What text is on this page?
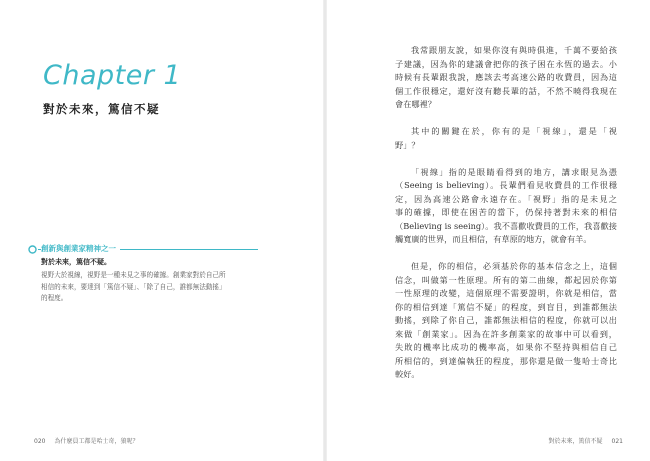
Chapter 1
對於未來，篤信不疑
創新與創業家精神之一
對於未來，篤信不疑。
視野大於視線，視野是一種未見之事的確據。創業家對於自己所
相信的未來，要達到「篤信不疑」、「除了自己，誰都無法動搖」
的程度。
020 為什麼員工都是哈士奇，狼呢？
我常跟朋友說，如果你沒有與時俱進，千萬不要給孩
子建議，因為你的建議會把你的孩子困在永恆的過去。小
時候有長輩跟我說，應該去考高速公路的收費員，因為這
個工作很穩定，還好沒有聽長輩的話，不然不曉得我現在
會在哪裡？
其中的關鍵在於，你有的是「視線」，還是「視
野」？
「視線」指的是眼睛看得到的地方，講求眼見為憑
（Seeing is believing）。長輩們看見收費員的工作很穩
定，因為高速公路會永遠存在。「視野」指的是未見之
事的確據，即使在困苦的當下，仍保持著對未來的相信
（Believing is seeing）。我不喜歡收費員的工作，我喜歡接
觸寬廣的世界，而且相信，有草原的地方，就會有羊。
但是，你的相信，必須基於你的基本信念之上，這個
信念，叫做第一性原理。所有的第二曲線，都起因於你第
一性原理的改變，這個原理不需要證明，你就是相信，當
你的相信到達「篤信不疑」的程度，到盲目，到誰都無法
動搖，到除了你自己，誰都無法相信的程度，你就可以出
來做「創業家」。因為在許多創業家的故事中可以看到，
失敗的機率比成功的機率高，如果你不堅持與相信自己
所相信的，到達偏執狂的程度，那你還是做一隻哈士奇比
較好。
對於未來，篤信不疑 021
